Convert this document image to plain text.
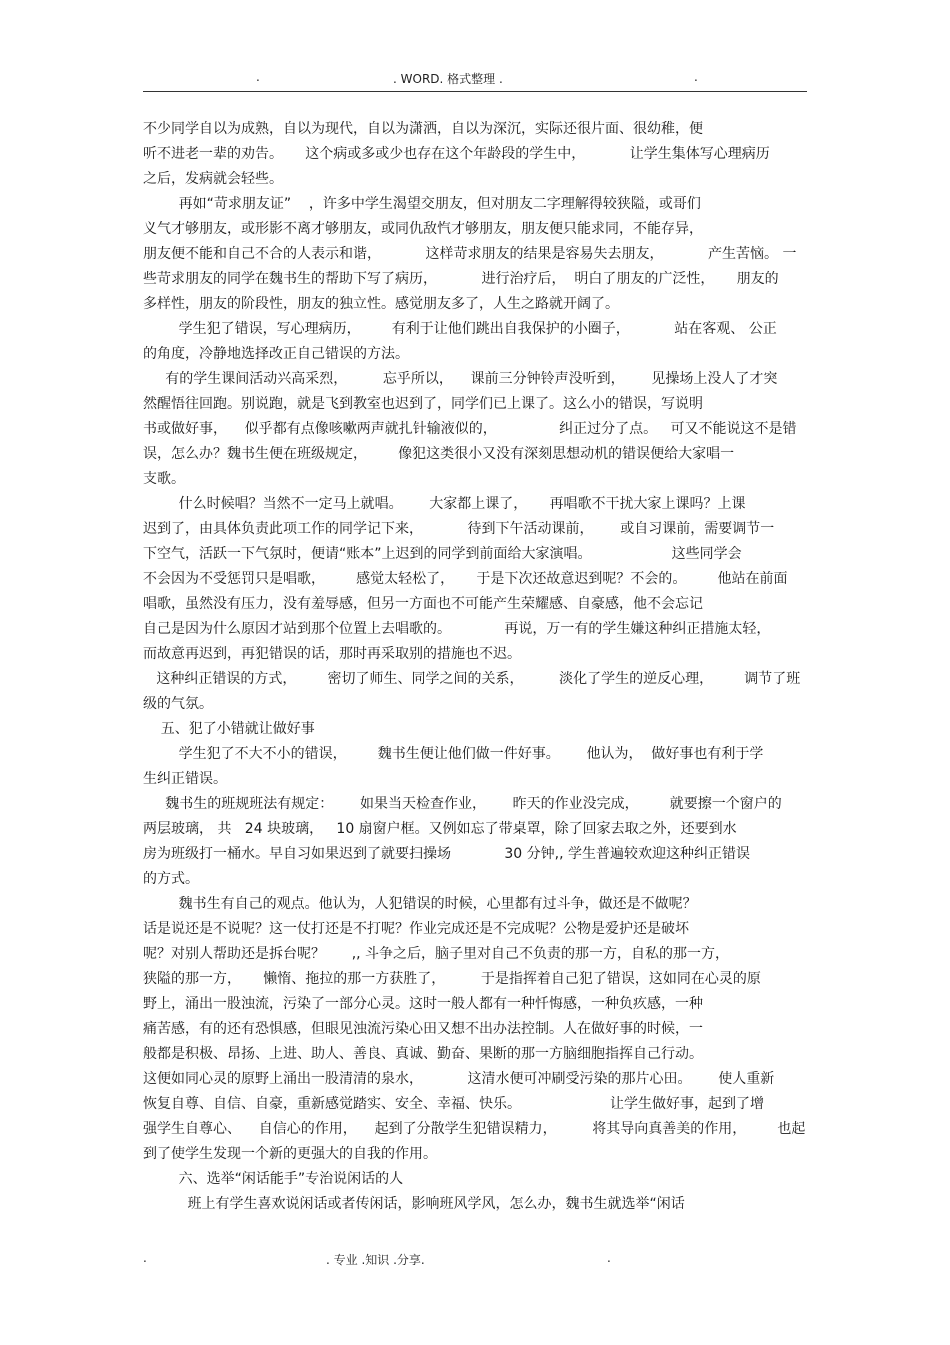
.	. WORD. 格式整理 .	.
不少同学自以为成熟，自以为现代，自以为潇洒，自以为深沉，实际还很片面、很幼稚，便
听不进老一辈的劝告。     这个病或多或少也存在这个年龄段的学生中，          让学生集体写心理病历
之后，发病就会轻些。
再如“苛求朋友证”    ，许多中学生渴望交朋友，但对朋友二字理解得较狭隘，或哥们
义气才够朋友，或形影不离才够朋友，或同仇敌忾才够朋友，朋友便只能求同，不能存异，
朋友便不能和自己不合的人表示和谐，          这样苛求朋友的结果是容易失去朋友，          产生苦恼。 一
些苛求朋友的同学在魏书生的帮助下写了病历，          进行治疗后，  明白了朋友的广泛性，     朋友的
多样性，朋友的阶段性，朋友的独立性。感觉朋友多了，人生之路就开阔了。
学生犯了错误，写心理病历，       有利于让他们跳出自我保护的小圈子，          站在客观、 公正
的角度，冷静地选择改正自己错误的方法。
有的学生课间活动兴高采烈，        忘乎所以，    课前三分钟铃声没听到，      见操场上没人了才突
然醒悟往回跑。别说跑，就是飞到教室也迟到了，同学们已上课了。这么小的错误，写说明
书或做好事，    似乎都有点像咳嗽两声就扎针输液似的，              纠正过分了点。   可又不能说这不是错
误，怎么办？魏书生便在班级规定，       像犯这类很小又没有深刻思想动机的错误便给大家唱一
支歌。
什么时候唱？当然不一定马上就唱。      大家都上课了，     再唱歌不干扰大家上课吗？上课
迟到了，由具体负责此项工作的同学记下来，          待到下午活动课前，      或自习课前，需要调节一
下空气，活跃一下气氛时，便请“账本”上迟到的同学到前面给大家演唱。                  这些同学会
不会因为不受惩罚只是唱歌，       感觉太轻松了，     于是下次还故意迟到呢？不会的。       他站在前面
唱歌，虽然没有压力，没有羞辱感，但另一方面也不可能产生荣耀感、自豪感，他不会忘记
自己是因为什么原因才站到那个位置上去唱歌的。            再说，万一有的学生嫌这种纠正措施太轻，
而故意再迟到，再犯错误的话，那时再采取别的措施也不迟。
这种纠正错误的方式，       密切了师生、同学之间的关系，        淡化了学生的逆反心理，       调节了班
级的气氛。
五、犯了小错就让做好事
学生犯了不大不小的错误，       魏书生便让他们做一件好事。      他认为，  做好事也有利于学
生纠正错误。
魏书生的班规班法有规定：      如果当天检查作业，      昨天的作业没完成，       就要擦一个窗户的
两层玻璃， 共   24 块玻璃，   10 扇窗户框。又例如忘了带桌罩，除了回家去取之外，还要到水
房为班级打一桶水。早自习如果迟到了就要扫操场            30 分钟,, 学生普遍较欢迎这种纠正错误
的方式。
魏书生有自己的观点。他认为，人犯错误的时候，心里都有过斗争，做还是不做呢？
话是说还是不说呢？这一仗打还是不打呢？作业完成还是不完成呢？公物是爱护还是破坏
呢？对别人帮助还是拆台呢？      ,, 斗争之后，脑子里对自己不负责的那一方，自私的那一方，
狭隘的那一方，     懒惰、拖拉的那一方获胜了，        于是指挥着自己犯了错误，这如同在心灵的原
野上，涌出一股浊流，污染了一部分心灵。这时一般人都有一种忏悔感，一种负疚感，一种
痛苦感，有的还有恐惧感，但眼见浊流污染心田又想不出办法控制。人在做好事的时候，一
般都是积极、昂扬、上进、助人、善良、真诚、勤奋、果断的那一方脑细胞指挥自己行动。
这便如同心灵的原野上涌出一股清清的泉水，          这清水便可冲刷受污染的那片心田。      使人重新
恢复自尊、自信、自豪，重新感觉踏实、安全、幸福、快乐。                    让学生做好事，起到了增
强学生自尊心、    自信心的作用，    起到了分散学生犯错误精力，        将其导向真善美的作用，       也起
到了使学生发现一个新的更强大的自我的作用。
六、选举“闲话能手”专治说闲话的人
班上有学生喜欢说闲话或者传闲话，影响班风学风，怎么办，魏书生就选举“闲话
.	. 专业 .知识 .分享.	.
